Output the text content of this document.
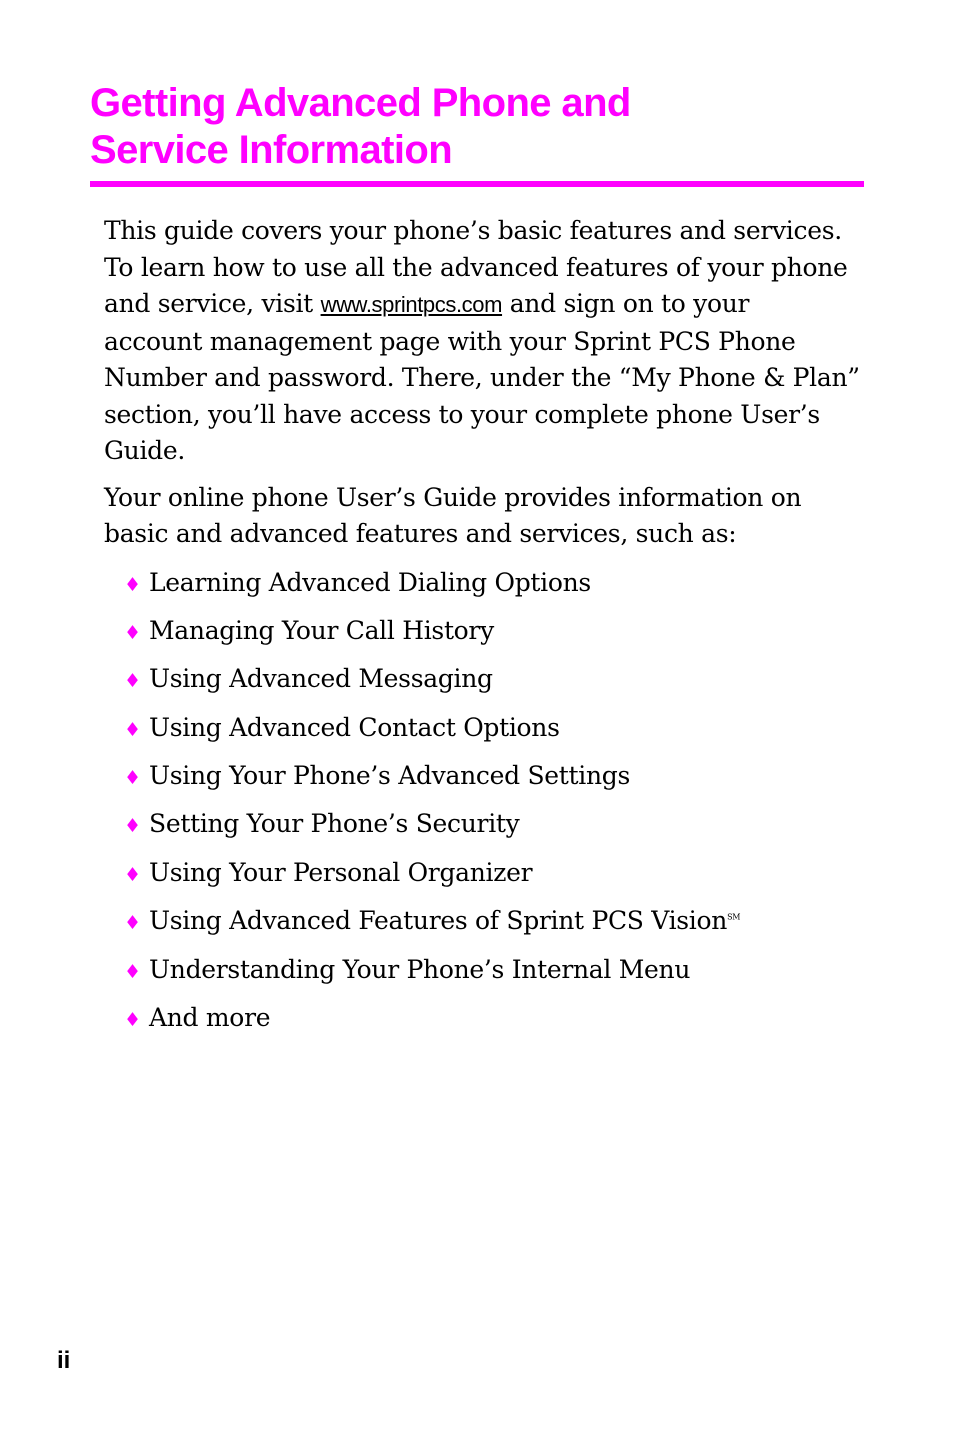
Getting Advanced Phone and
Service Information

This guide covers your phone’s basic features and services.
To learn how to use all the advanced features of your phone
and service, visit www.sprintpcs.com and sign on to your
account management page with your Sprint PCS Phone
Number and password. There, under the “My Phone & Plan”
section, you’ll have access to your complete phone User’s
Guide.

Your online phone User’s Guide provides information on
basic and advanced features and services, such as:

♦ Learning Advanced Dialing Options
♦ Managing Your Call History
♦ Using Advanced Messaging
♦ Using Advanced Contact Options
♦ Using Your Phone’s Advanced Settings
♦ Setting Your Phone’s Security
♦ Using Your Personal Organizer
♦ Using Advanced Features of Sprint PCS Vision℠
♦ Understanding Your Phone’s Internal Menu
♦ And more
ii
